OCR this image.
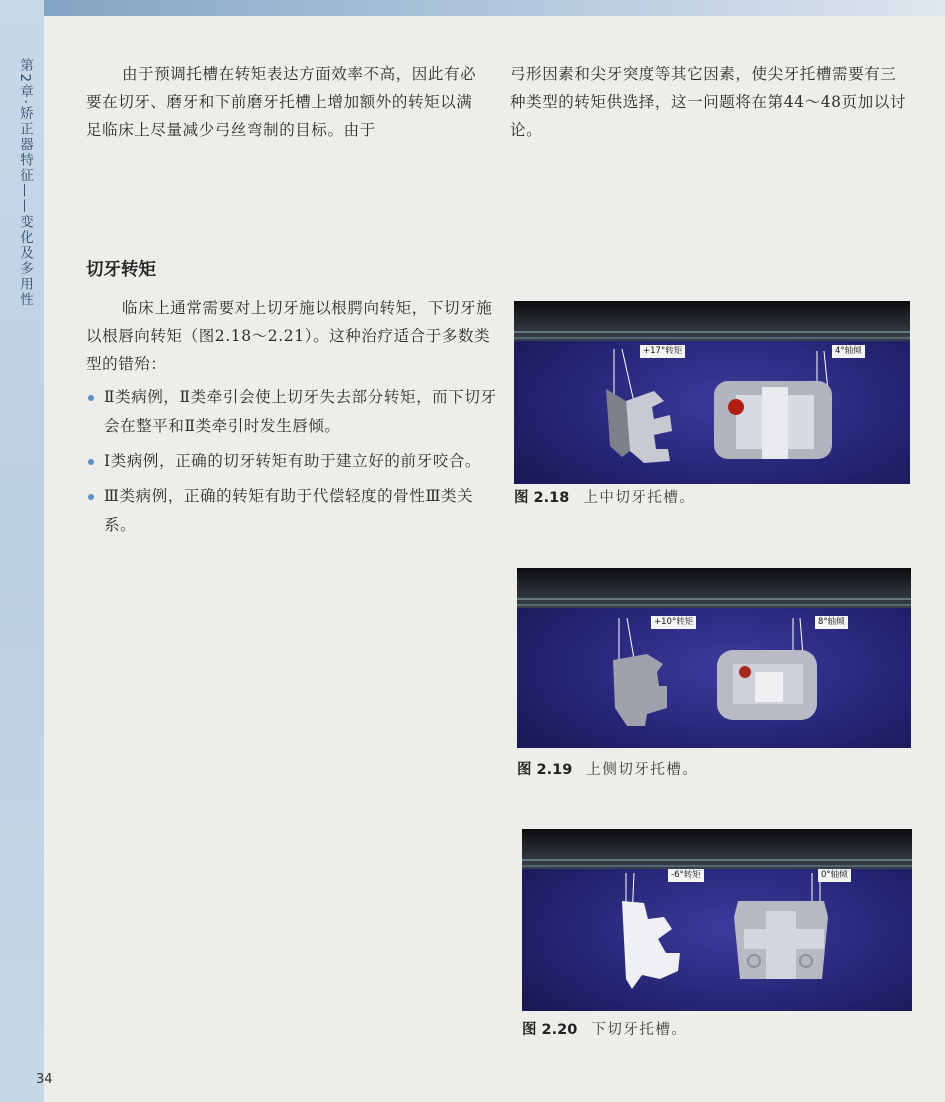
第2章·矫正器特征——变化及多用性	由于预调托槽在转矩表达方面效率不高，因此有必要在切牙、磨牙和下前磨牙托槽上增加额外的转矩以满足临床上尽量减少弓丝弯制的目标。由于

弓形因素和尖牙突度等其它因素，使尖牙托槽需要有三种类型的转矩供选择，这一问题将在第44～48页加以讨论。

切牙转矩

临床上通常需要对上切牙施以根腭向转矩，下切牙施以根唇向转矩（图2.18～2.21）。这种治疗适合于多数类型的错殆：

Ⅱ类病例，Ⅱ类牵引会使上切牙失去部分转矩，而下切牙会在整平和Ⅱ类牵引时发生唇倾。
Ⅰ类病例，正确的切牙转矩有助于建立好的前牙咬合。
Ⅲ类病例，正确的转矩有助于代偿轻度的骨性Ⅲ类关系。
+17°转矩	4°轴倾

图 2.18 上中切牙托槽。

+10°转矩	8°轴倾

图 2.19 上侧切牙托槽。

-6°转矩	0°轴倾

图 2.20 下切牙托槽。

34
